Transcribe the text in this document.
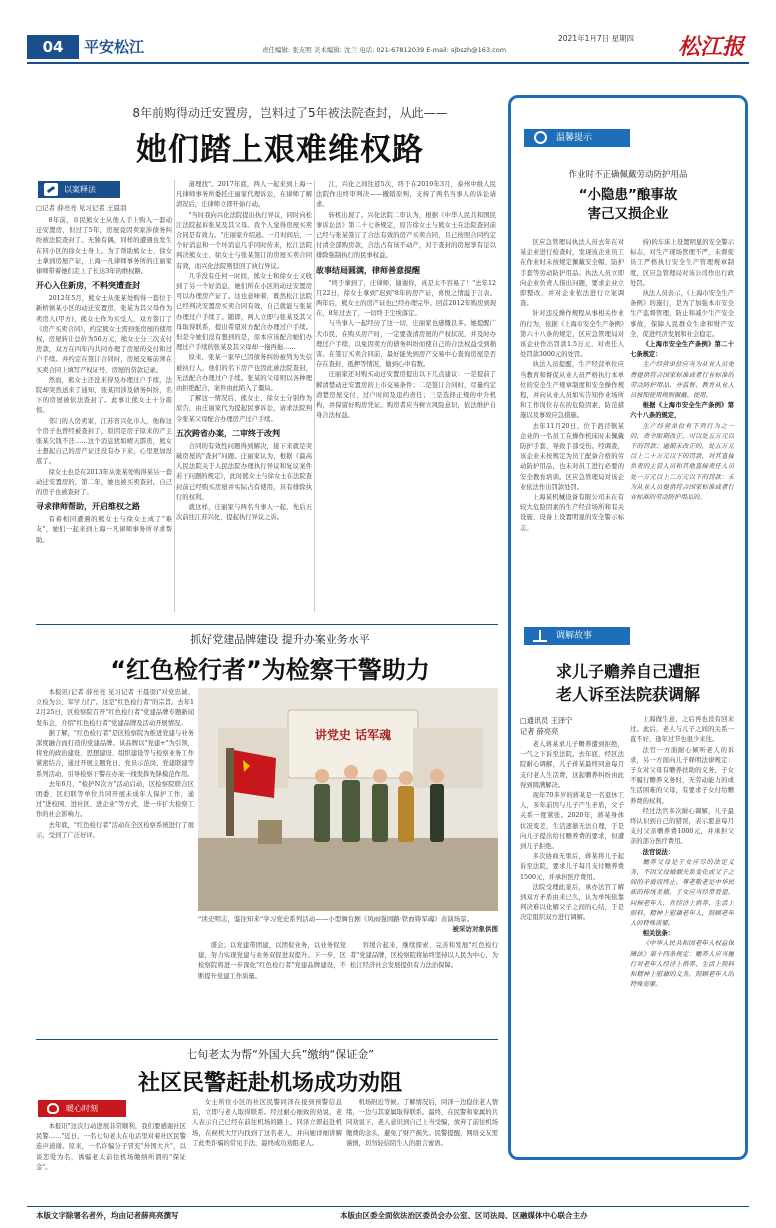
04	平安松江	责任编辑: 张友明 美术编辑: 沈兰 电话: 021-67812039 E-mail: sjbszh@163.com
2021年1月7日 星期四 松江报
8年前购得动迁安置房，岂料过了5年被法院查封，从此——
她们踏上艰难维权路
以案释法
□记者 薛亮亮 见习记者 王晨羽

8年前，市民熊女士从他人手上购入一套动迁安置房，但过了5年，房屋竟因卖家涉债务纠纷被法院查封了。无独有偶，同样的遭遇也发生在同小区的徐女士身上。为了帮助熊女士、徐女士拿到房屋产证，上海一凡律师事务所的庄丽家律师带着她们走上了长达3年的维权路。

开心入住新房，不料突遭查封

2012年5月，熊女士从张某处购得一套位于新桥镇某小区的动迁安置房，张某为其父母作为卖房人(甲方)，熊女士作为买受人，双方签订了《房产买卖合同》，约定熊女士需到张房屋的使用权，房屋转让总价为56万元，熊女士分三次支付房款，双方在四年内共同办理了房屋的交付和过户手续。并约定在签订合同时，房屋交易前须在买卖合同上填写产权证号、房屋的贷款记录。

然而，熊女士还没来得及办理过户手续，法院却突然送来了通知，张某因涉及债务纠纷，名下的房屋被依法查封了。此事让熊女士十分震惊。

邻门的人房卖家，江苏省兴化市人，他称这个房子也曾经被查封了，原因是房子原来的产主张某欠钱不还……这个消息犹如晴天霹雳，熊女士想起自己的房产证还没有办下来，心里更加没底了。

徐女士也是在2013年从张某处购得某另一套动迁安置房的，第二年，她也被买卖查封，自己的房子也被查封了。

寻求律师帮助，开启维权之路

有着相同遭遇的熊女士与徐女士成了"难友"，她们一起来到上海一凡律师事务所寻求帮助。

道理找"。2017年底，两人一起来到上海一凡律师事务所委托庄丽家代理诉讼，在律师了解清况后，庄律师立即开始行动。

"当时我向兴化法院提出执行异议，同时向松江法院起诉张某及其父母。我个人觉得房屋买卖合同是有效力。"庄丽家介绍道。一月时间后，一个好消息和一个坏消息几乎同时传来，松江法院判决熊女士、徐女士与张某签订的房屋买卖合同有效，而兴化法院则驳回了执行异议。

几乎没有任何一时间，熊女士和徐女士又收到了另一个好消息，她们所在小区的动迁安置房可以办理房产证了。这也意味着，既然松江法院已经判决安置房买卖合同有效，自己就能与张某办理过户手续了。随即，两人立即与张某及其父母取得联系，提出希望对方配合办理过户手续。但是令她们没有想到的是，原本应该配合她们办理过户手续的张某及其父母却一拖再拖……

原来，张某一家早已因债务纠纷被列为失信被执行人，他们的名下房产也因此被法院查封，无法配合办理过户手续。张某的父母则以各种理由拒绝配合，案件由此陷入了僵局。

了解这一情况后，熊女士、徐女士分别作为原告，由庄丽家代为提起民事诉讼，请求法院判令张某父母配合办理房产过户手续。

五次跨省办案，二审终于改判

合同的有效性问题得到解决，接下来就是突破房屋的"查封"问题。庄丽家认为，根据《最高人民法院关于人民法院办理执行异议和复议案件若干问题的规定》，此时熊女士与徐女士在法院查封前已经购买房屋并实际占有使用，具有排除执行的权利。

就这样，庄丽家与两名当事人一起，先后五次前往江苏兴化，提起执行异议之诉。

江，兴化之间往返5次，终于在2019年3月，泰州中级人民法院作出终审判决——撤销原判，支持了两名当事人的诉讼请求。

转机出现了。兴化法院二审认为，根据《中华人民共和国民事诉讼法》第二十七条规定，原告徐女士与熊女士在法院查封前已经与张某签订了合法有效的房产买卖合同，且已按照合同约定付清全部购房款，合法占有该不动产，对于查封的房屋享有足以排除强制执行的民事权益。

故事结局圆满，律师善意提醒

"终于拿到了，庄律师，谢谢你，真是太不容易了！"去年12月22日，徐女士拿到"迟到"8年的房产证，喜悦之情溢于言表。两年后，熊女士的房产证也已经办理完毕。回首2012年购房到现在，8年过去了，一切终于尘埃落定。

与当事人一起经历了这一切，庄丽家也感慨良多。她提醒广大市民，在购买房产时，一定要查清房屋的产权状况，并及时办理过户手续，以免因卖方的债务纠纷而使自己的合法权益受到损害。在签订买卖合同前，最好能先到房产交易中心查询房屋是否存在查封、抵押等情况，做到心中有数。

庄丽家还对购买动迁安置房提出以下几点建议：一是提前了解清楚动迁安置房的上市交易条件；二是签订合同时，尽量约定清楚房屋交付、过户时间及违约责任；三是选择正规的中介机构，并保留好购房凭证。购房者应当树立风险意识，依法维护自身合法权益。

温馨提示
作业时不正确佩戴劳动防护用品
“小隐患”酿事故
害己又损企业

区应急管理局执法人员去年在对某企业进行检查时，发现该企业员工在作业时未按规定佩戴安全帽、防护手套等劳动防护用品。执法人员立即向企业负责人指出问题，要求企业立即整改，并对企业依法进行立案调查。

针对违反操作规程从事相关作业的行为，依据《上海市安全生产条例》第六十八条的规定，区应急管理局对该企业作出罚款1.5万元、对责任人处罚款3000元的处罚。

执法人员提醒，生产经营单位应当教育和督促从业人员严格执行本单位的安全生产规章制度和安全操作规程，并向从业人员如实告知作业场所和工作岗位存在的危险因素、防范措施以及事故应急措施。

去年11月20日，位于泗泾镇某企业的一名员工在操作机床时未佩戴防护手套，导致手部受伤。经调查，该企业未按规定为员工配备合格的劳动防护用品，也未对员工进行必要的安全教育培训。区应急管理局对该企业依法作出罚款处罚。

上海某机械设备有限公司未在有较大危险因素的生产经营场所和有关设施、设备上设置明显的安全警示标志。

持)的车床上设置明显的安全警示标志，对生产现场管理不严，未督促员工严格执行安全生产管理规章制度，区应急管理局对该公司作出行政处罚。

执法人员表示，《上海市安全生产条例》的施行，是为了加强本市安全生产监督管理，防止和减少生产安全事故，保障人民群众生命和财产安全，促进经济发展和社会稳定。

《上海市安全生产条例》第二十七条规定：

生产经营单位应当为从业人员免费提供符合国家标准或者行业标准的劳动防护用品，并监督、教育从业人员按照使用规则佩戴、使用。

根据《上海市安全生产条例》第六十八条的规定，

生产经营单位有下列行为之一的，责令限期改正，可以处五万元以下的罚款；逾期未改正的，处五万元以上二十万元以下的罚款，对其直接负责的主管人员和其他直接责任人员处一万元以上二万元以下的罚款：未为从业人员提供符合国家标准或者行业标准的劳动防护用品的。

调解故事
求儿子赡养自己遭拒
老人诉至法院获调解
□通讯员 王泽宁
记者 薛亮亮

老人蒋某求儿子赡养遭到拒绝，一气之下诉至法院。去年底，经区法院耐心调解，儿子蒋某最终同意每月支付老人生活费，这起赡养纠纷由此得到圆满解决。

现年70多岁的蒋某是一名退休工人，多年前因与儿子产生矛盾，父子关系一度紧张。2020年，蒋某身体状况变差，生活逐渐无法自理，于是向儿子提出给付赡养费的要求，但遭到儿子拒绝。

多次协商无果后，蒋某将儿子起诉至法院，要求儿子每月支付赡养费1500元，并承担医疗费用。

法院受理此案后，承办法官了解到双方矛盾由来已久，认为单纯依靠判决难以化解父子之间的心结，于是决定组织双方进行调解。

上海做生意，之后再也没有回来过。此后，老人与儿子之间的关系一直不好，逢年过节也很少来往。

法官一方面耐心倾听老人的诉求，另一方面向儿子释明法律规定：子女对父母有赡养扶助的义务，子女不履行赡养义务时，无劳动能力的或生活困难的父母，有要求子女付给赡养费的权利。

经过法官多次耐心调解，儿子最终认识到自己的错误，表示愿意每月支付父亲赡养费1000元，并承担父亲的部分医疗费用。

法官说法：

赡养父母是子女应尽的法定义务，不因父母婚姻关系变化或父子之间的矛盾而终止。尊老敬老是中华民族的传统美德，子女应当经常看望、问候老年人，在经济上供养、生活上照料、精神上慰藉老年人，照顾老年人的特殊需要。

相关法条：

《中华人民共和国老年人权益保障法》第十四条规定：赡养人应当履行对老年人经济上供养、生活上照料和精神上慰藉的义务，照顾老年人的特殊需要。

抓好党建品牌建设 提升办案业务水平
“红色检行者”为检察干警助力

本报讯(记者 薛亮亮 见习记者 王晨羽)"对党忠诚、立检为公、军学力行"。这是"红色检行者"的宗旨。去年12月25日，区检察院召开"红色检行者"党建品牌专题新闻发布会，介绍"红色检行者"党建品牌及活动开展情况。

据了解，"红色检行者"是区检察院为推进党建与业务深度融合而打造的党建品牌。该品牌以"党建+"为引领，将党的政治建设、思想建设、组织建设等与检察业务工作紧密结合，通过开展主题党日、党员示范岗、党建联建等系列活动，引导检察干警在办案一线发挥先锋模范作用。

去年6月，"检护N次方"活动启动，区检察院联合区团委、区妇联等单位共同开展未成年人保护工作，通过"进校园、进社区、进企业"等方式，进一步扩大检察工作的社会影响力。

去年底，"红色检行者"活动在全区检察系统进行了展示，受到了广泛好评。

讲党史 话军魂
“读史明志，鉴往知来”学习党史系列活动——小型舞台剧《风雨强国路·铁血铸军魂》表演场景。
被采访对象供图

盛会；以党建带团建，以团促业务，以业务促党建，努力实现党建与业务双促进双提升。下一步，区检察院将进一步深化"红色检行者"党建品牌建设，不断提升党建工作质量。

容缓合起来，继续探索、完善和发展"红色检行者"党建品牌，区检察院将始终坚持以人民为中心，为松江经济社会发展提供有力法治保障。

七旬老太为帮“外国大兵”缴纳“保证金”
社区民警赶赴机场成功劝阻
暖心时刻

本报讯"这次行动进展非常顺利，我们要感谢社区民警……"近日，一名七旬老太在电话里对着社区民警连声道谢。原来，一名诈骗分子冒充"外国大兵"，以谈恋爱为名，诱骗老太前往机场缴纳所谓的"保证金"。

女士所住小区的社区民警同泽在接到预警信息后，立即与老人取得联系。经过耐心细致的劝说，老人表示自己已经在前往机场的路上。同泽立即赶赴机场，在候机大厅内找到了这名老人，并向她详细讲解了此类诈骗的常见手法，最终成功劝阻老人。

机场附近等候。了解情况后，同泽一边稳住老人情绪，一边与其家属取得联系。最终，在民警和家属的共同劝说下，老人意识到自己上当受骗，放弃了前往机场缴费的念头，避免了财产损失。民警提醒，网络交友需谨慎，切勿轻信陌生人的甜言蜜语。

本版文字除署名者外，均由记者薛亮亮撰写	本版由区委全面依法治区委员会办公室、区司法局、区融媒体中心联合主办
